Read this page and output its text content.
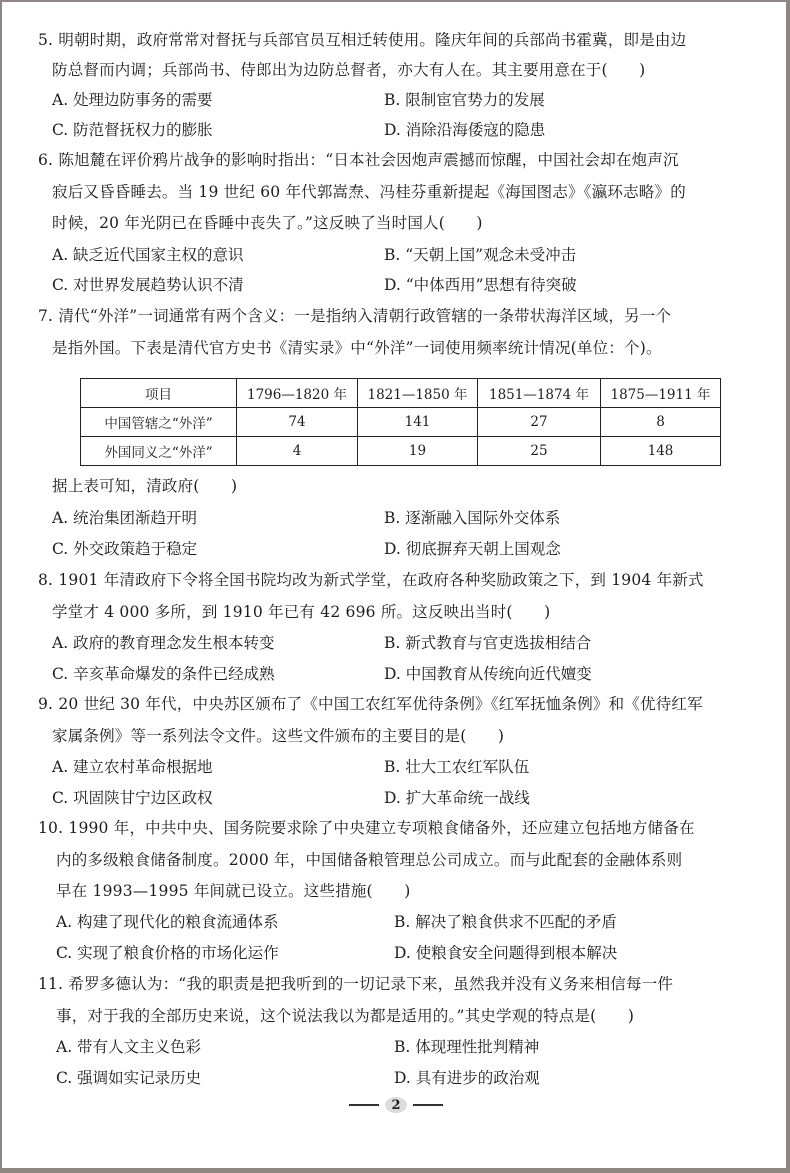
5. 明朝时期，政府常常对督抚与兵部官员互相迁转使用。隆庆年间的兵部尚书霍冀，即是由边
防总督而内调；兵部尚书、侍郎出为边防总督者，亦大有人在。其主要用意在于(　　)
A. 处理边防事务的需要	B. 限制宦官势力的发展
C. 防范督抚权力的膨胀	D. 消除沿海倭寇的隐患
6. 陈旭麓在评价鸦片战争的影响时指出：“日本社会因炮声震撼而惊醒，中国社会却在炮声沉
寂后又昏昏睡去。当 19 世纪 60 年代郭嵩焘、冯桂芬重新提起《海国图志》《瀛环志略》的
时候，20 年光阴已在昏睡中丧失了。”这反映了当时国人(　　)
A. 缺乏近代国家主权的意识	B. “天朝上国”观念未受冲击
C. 对世界发展趋势认识不清	D. “中体西用”思想有待突破
7. 清代“外洋”一词通常有两个含义：一是指纳入清朝行政管辖的一条带状海洋区域，另一个
是指外国。下表是清代官方史书《清实录》中“外洋”一词使用频率统计情况(单位：个)。
项目	1796—1820 年	1821—1850 年	1851—1874 年	1875—1911 年
中国管辖之“外洋”	74	141	27	8
外国同义之“外洋”	4	19	25	148
据上表可知，清政府(　　)
A. 统治集团渐趋开明	B. 逐渐融入国际外交体系
C. 外交政策趋于稳定	D. 彻底摒弃天朝上国观念
8. 1901 年清政府下令将全国书院均改为新式学堂，在政府各种奖励政策之下，到 1904 年新式
学堂才 4 000 多所，到 1910 年已有 42 696 所。这反映出当时(　　)
A. 政府的教育理念发生根本转变	B. 新式教育与官吏选拔相结合
C. 辛亥革命爆发的条件已经成熟	D. 中国教育从传统向近代嬗变
9. 20 世纪 30 年代，中央苏区颁布了《中国工农红军优待条例》《红军抚恤条例》和《优待红军
家属条例》等一系列法令文件。这些文件颁布的主要目的是(　　)
A. 建立农村革命根据地	B. 壮大工农红军队伍
C. 巩固陕甘宁边区政权	D. 扩大革命统一战线
10. 1990 年，中共中央、国务院要求除了中央建立专项粮食储备外，还应建立包括地方储备在
内的多级粮食储备制度。2000 年，中国储备粮管理总公司成立。而与此配套的金融体系则
早在 1993—1995 年间就已设立。这些措施(　　)
A. 构建了现代化的粮食流通体系	B. 解决了粮食供求不匹配的矛盾
C. 实现了粮食价格的市场化运作	D. 使粮食安全问题得到根本解决
11. 希罗多德认为：“我的职责是把我听到的一切记录下来，虽然我并没有义务来相信每一件
事，对于我的全部历史来说，这个说法我以为都是适用的。”其史学观的特点是(　　)
A. 带有人文主义色彩	B. 体现理性批判精神
C. 强调如实记录历史	D. 具有进步的政治观
2
